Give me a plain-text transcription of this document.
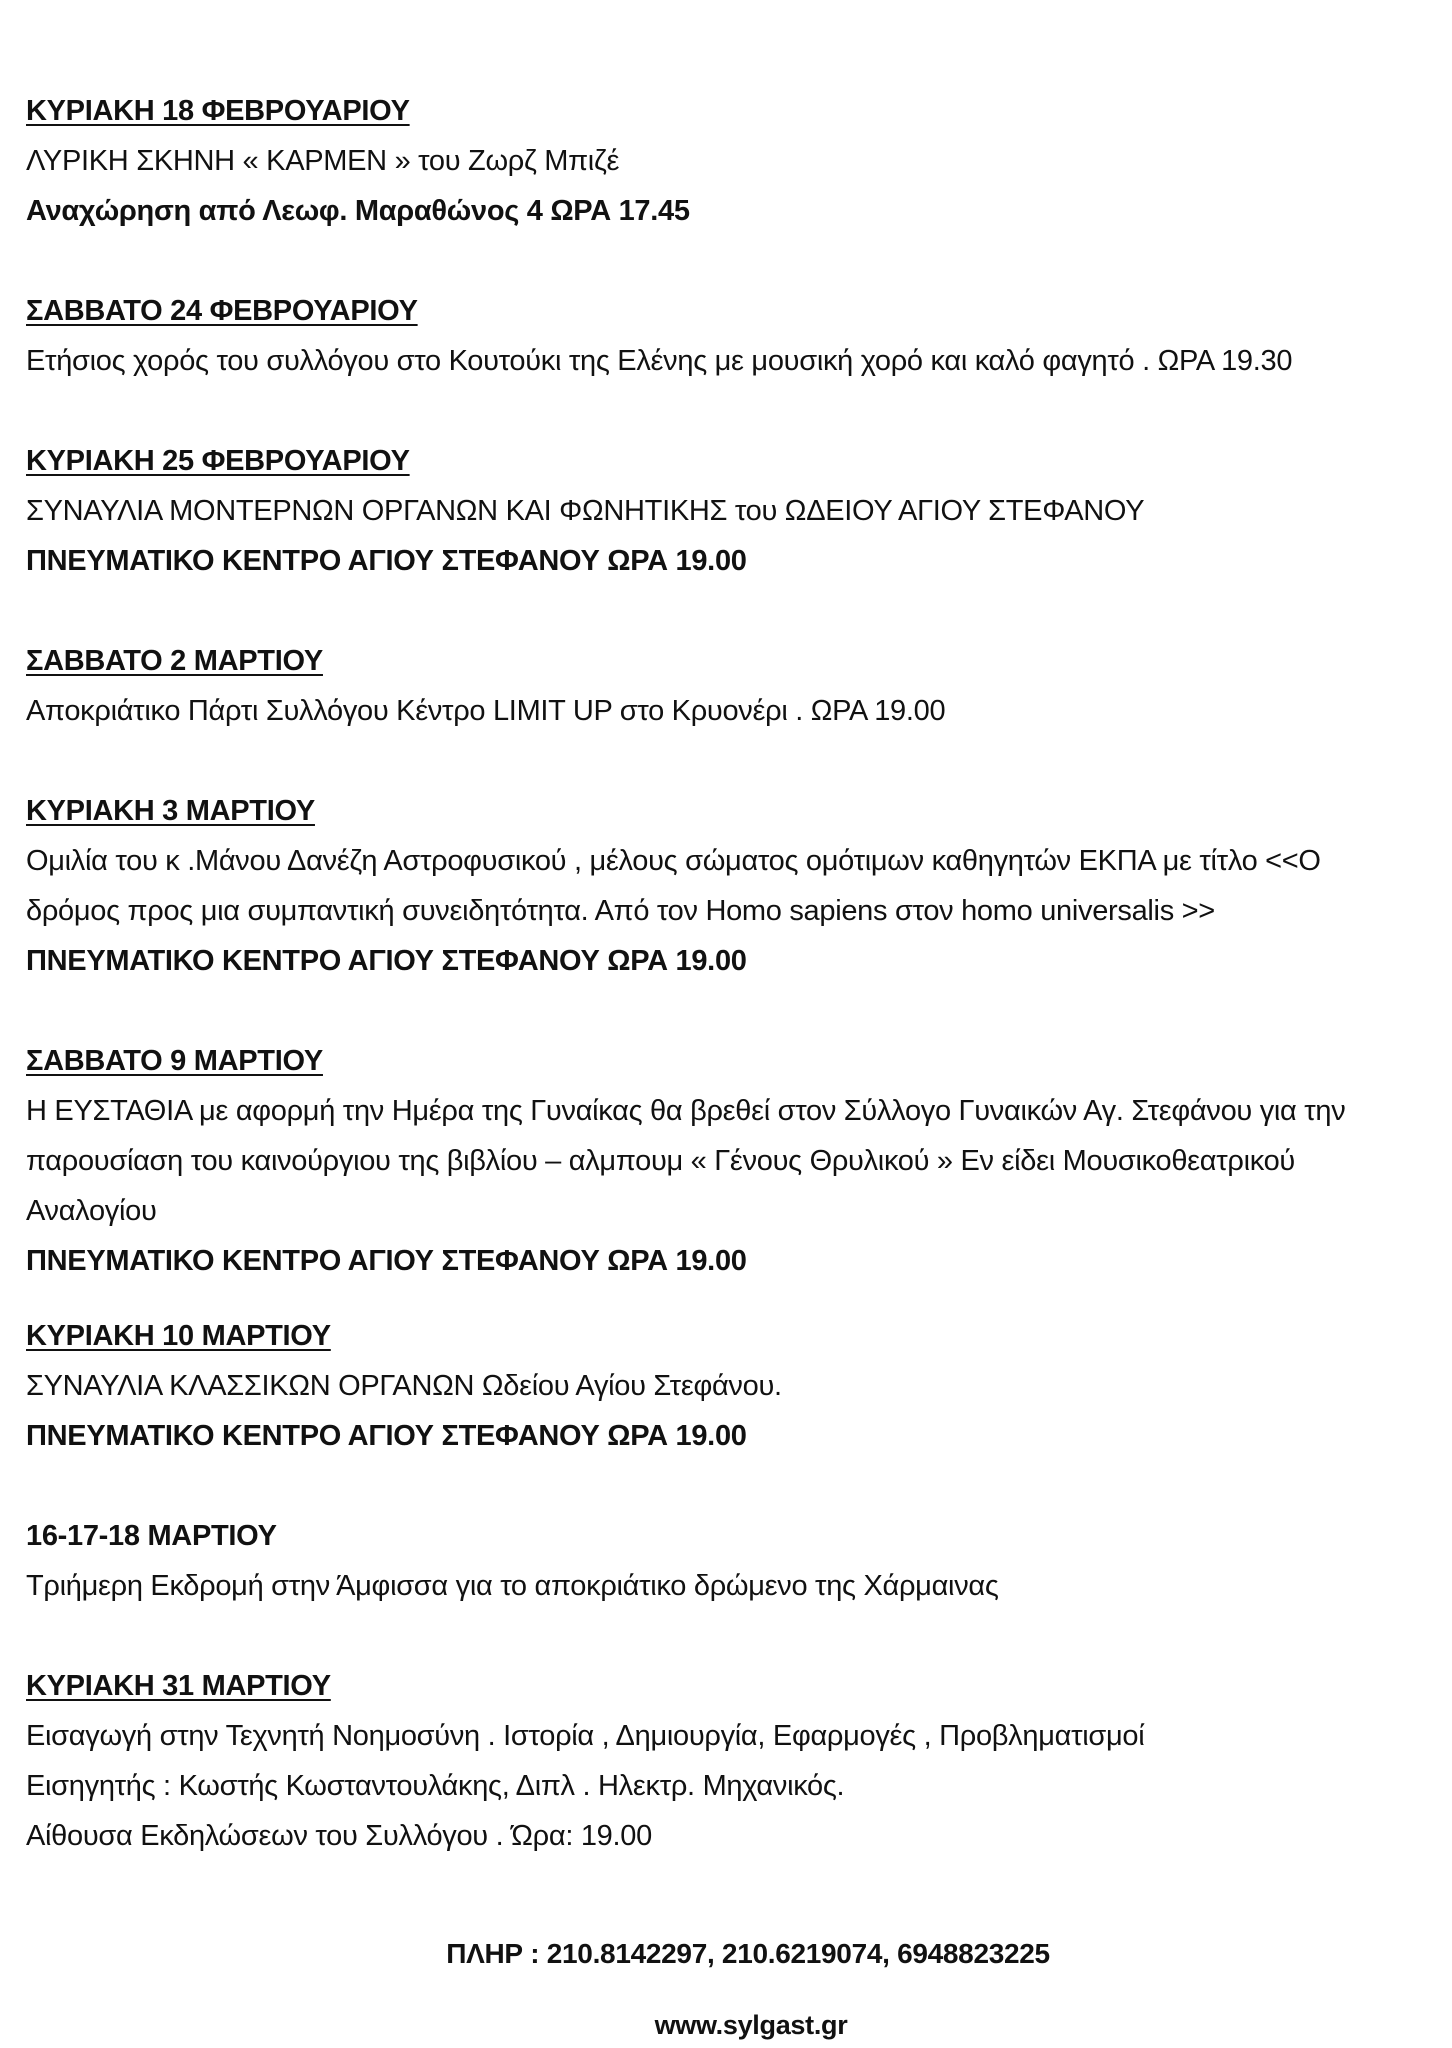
ΚΥΡΙΑΚΗ 18 ΦΕΒΡΟΥΑΡΙΟΥ
ΛΥΡΙΚΗ ΣΚΗΝΗ « ΚΑΡΜΕΝ » του Ζωρζ Μπιζέ
Αναχώρηση από Λεωφ. Μαραθώνος 4 ΩΡΑ 17.45
ΣΑΒΒΑΤΟ 24 ΦΕΒΡΟΥΑΡΙΟΥ
Ετήσιος χορός του συλλόγου στο Κουτούκι της Ελένης με μουσική χορό και καλό φαγητό . ΩΡΑ 19.30
ΚΥΡΙΑΚΗ 25 ΦΕΒΡΟΥΑΡΙΟΥ
ΣΥΝΑΥΛΙΑ ΜΟΝΤΕΡΝΩΝ ΟΡΓΑΝΩΝ ΚΑΙ ΦΩΝΗΤΙΚΗΣ του ΩΔΕΙΟΥ ΑΓΙΟΥ ΣΤΕΦΑΝΟΥ
ΠΝΕΥΜΑΤΙΚΟ ΚΕΝΤΡΟ ΑΓΙΟΥ ΣΤΕΦΑΝΟΥ ΩΡΑ 19.00
ΣΑΒΒΑΤΟ 2 ΜΑΡΤΙΟΥ
Αποκριάτικο Πάρτι Συλλόγου Κέντρο LIMIT UP στο Κρυονέρι . ΩΡΑ 19.00
ΚΥΡΙΑΚΗ 3 ΜΑΡΤΙΟΥ
Ομιλία του κ .Μάνου Δανέζη Αστροφυσικού , μέλους σώματος ομότιμων καθηγητών ΕΚΠΑ με τίτλο <<Ο
δρόμος προς μια συμπαντική συνειδητότητα. Από τον Homo sapiens στον homo universalis >>
ΠΝΕΥΜΑΤΙΚΟ ΚΕΝΤΡΟ ΑΓΙΟΥ ΣΤΕΦΑΝΟΥ ΩΡΑ 19.00
ΣΑΒΒΑΤΟ 9 ΜΑΡΤΙΟΥ
Η ΕΥΣΤΑΘΙΑ με αφορμή την Ημέρα της Γυναίκας θα βρεθεί στον Σύλλογο Γυναικών Αγ. Στεφάνου για την
παρουσίαση του καινούργιου της βιβλίου – αλμπουμ « Γένους Θρυλικού » Εν είδει Μουσικοθεατρικού
Αναλογίου
ΠΝΕΥΜΑΤΙΚΟ ΚΕΝΤΡΟ ΑΓΙΟΥ ΣΤΕΦΑΝΟΥ ΩΡΑ 19.00
ΚΥΡΙΑΚΗ 10 ΜΑΡΤΙΟΥ
ΣΥΝΑΥΛΙΑ ΚΛΑΣΣΙΚΩΝ ΟΡΓΑΝΩΝ Ωδείου Αγίου Στεφάνου.
ΠΝΕΥΜΑΤΙΚΟ ΚΕΝΤΡΟ ΑΓΙΟΥ ΣΤΕΦΑΝΟΥ ΩΡΑ 19.00
16-17-18 ΜΑΡΤΙΟΥ
Τριήμερη Εκδρομή στην Άμφισσα για το αποκριάτικο δρώμενο της Χάρμαινας
ΚΥΡΙΑΚΗ 31 ΜΑΡΤΙΟΥ
Εισαγωγή στην Τεχνητή Νοημοσύνη . Ιστορία , Δημιουργία, Εφαρμογές , Προβληματισμοί
Εισηγητής : Κωστής Κωσταντουλάκης, Διπλ . Ηλεκτρ. Μηχανικός.
Αίθουσα Εκδηλώσεων του Συλλόγου . Ώρα: 19.00
ΠΛΗΡ : 210.8142297, 210.6219074, 6948823225
www.sylgast.gr
